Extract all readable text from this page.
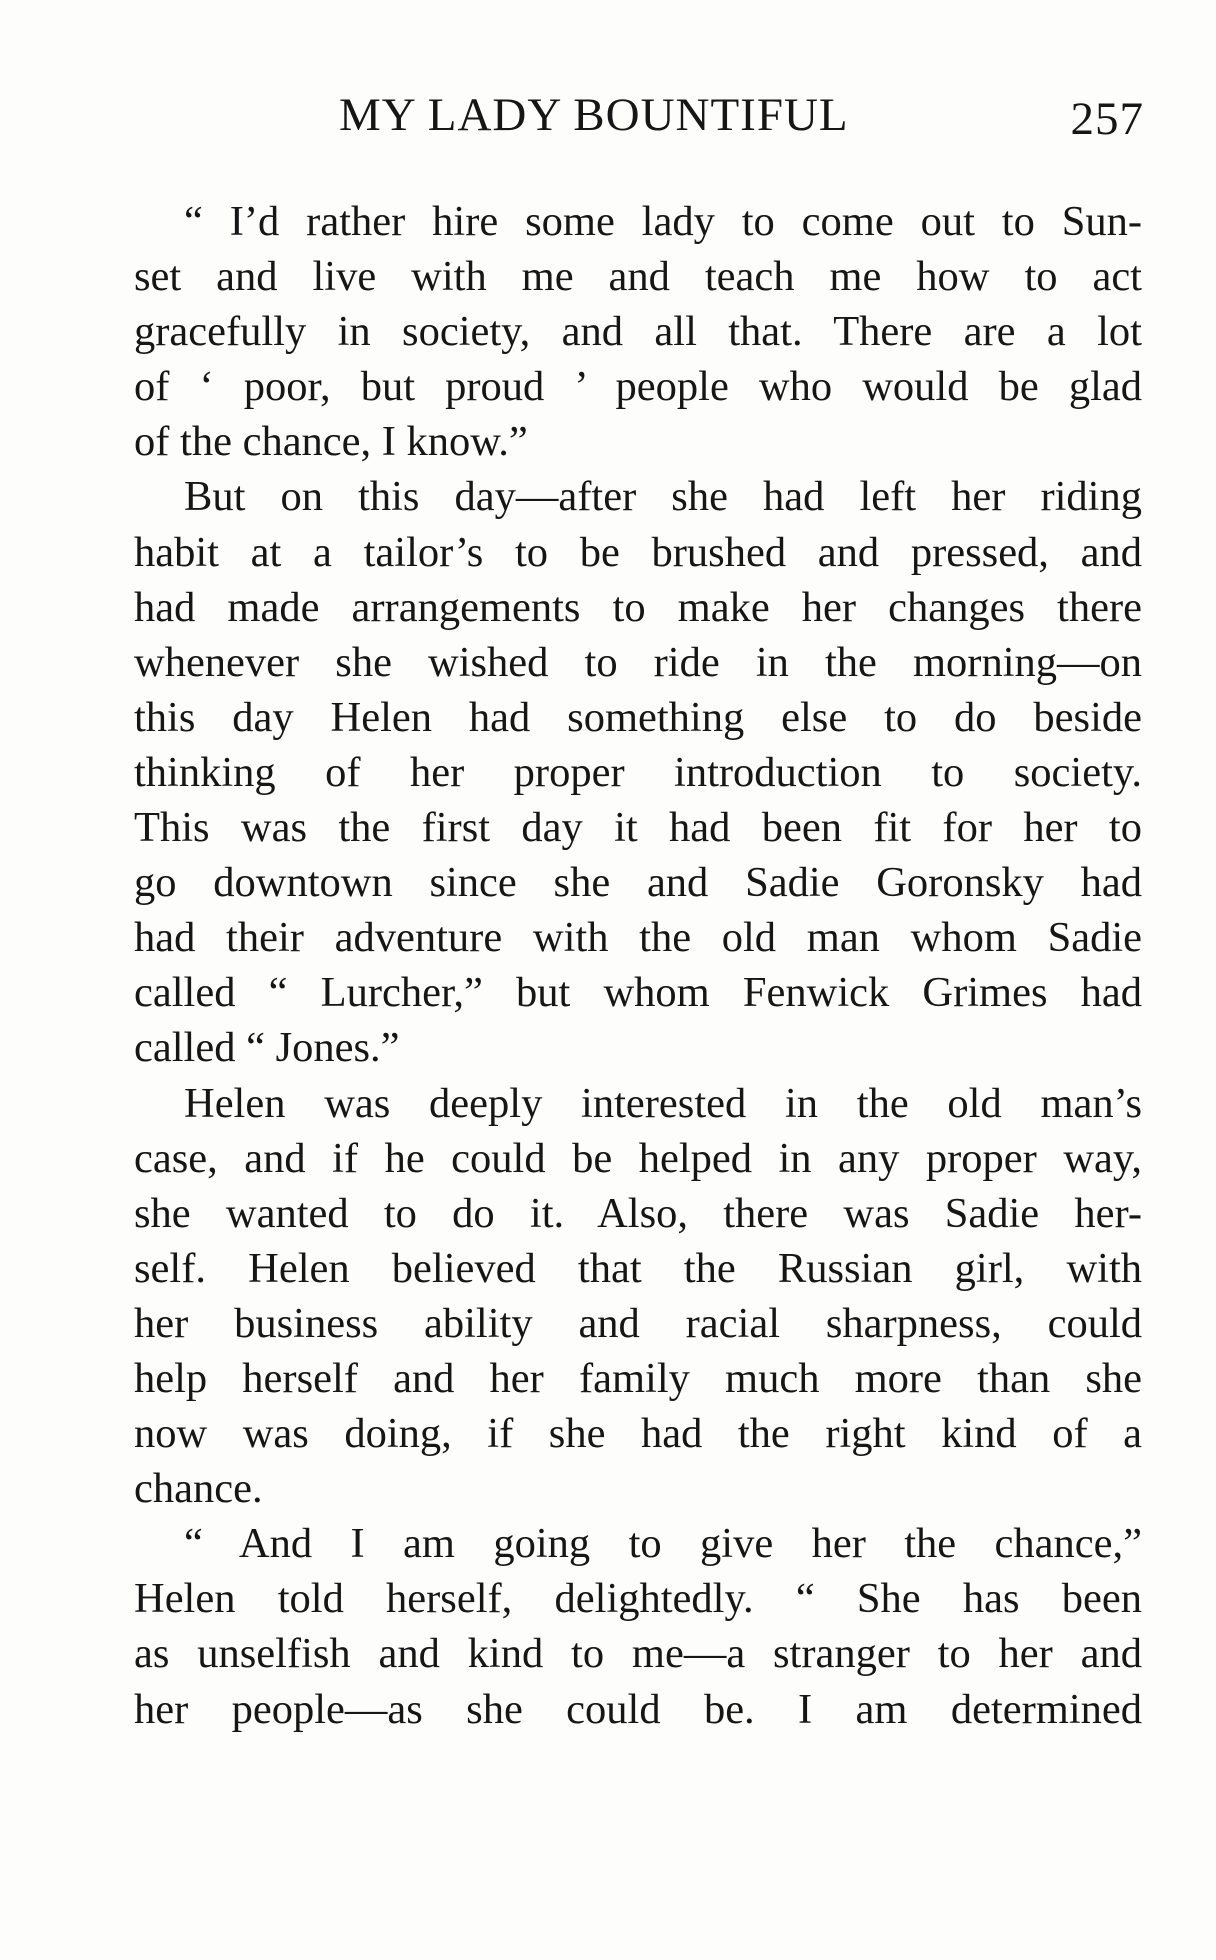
MY LADY BOUNTIFUL	257
“ I’d rather hire some lady to come out to Sun-
set and live with me and teach me how to act
gracefully in society, and all that. There are a lot
of ‘ poor, but proud ’ people who would be glad
of the chance, I know.”
But on this day—after she had left her riding
habit at a tailor’s to be brushed and pressed, and
had made arrangements to make her changes there
whenever she wished to ride in the morning—on
this day Helen had something else to do beside
thinking of her proper introduction to society.
This was the first day it had been fit for her to
go downtown since she and Sadie Goronsky had
had their adventure with the old man whom Sadie
called “ Lurcher,” but whom Fenwick Grimes had
called “ Jones.”
Helen was deeply interested in the old man’s
case, and if he could be helped in any proper way,
she wanted to do it. Also, there was Sadie her-
self. Helen believed that the Russian girl, with
her business ability and racial sharpness, could
help herself and her family much more than she
now was doing, if she had the right kind of a
chance.
“ And I am going to give her the chance,”
Helen told herself, delightedly. “ She has been
as unselfish and kind to me—a stranger to her and
her people—as she could be. I am determined
